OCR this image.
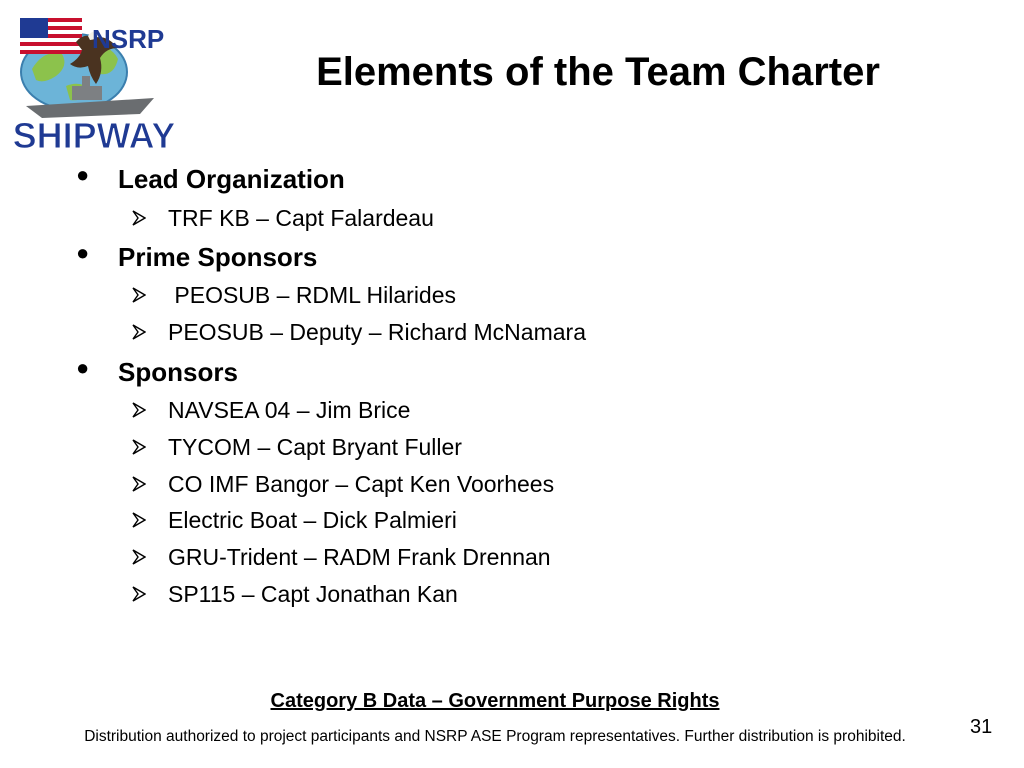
NSRP
SHIPWAY
Elements of the Team Charter
● Lead Organization
TRF KB – Capt Falardeau
● Prime Sponsors
PEOSUB – RDML Hilarides
PEOSUB – Deputy – Richard McNamara
● Sponsors
NAVSEA 04 – Jim Brice
TYCOM – Capt Bryant Fuller
CO IMF Bangor – Capt Ken Voorhees
Electric Boat – Dick Palmieri
GRU-Trident – RADM Frank Drennan
SP115 – Capt Jonathan Kan
Category B Data – Government Purpose Rights
Distribution authorized to project participants and NSRP ASE Program representatives. Further distribution is prohibited.	31
